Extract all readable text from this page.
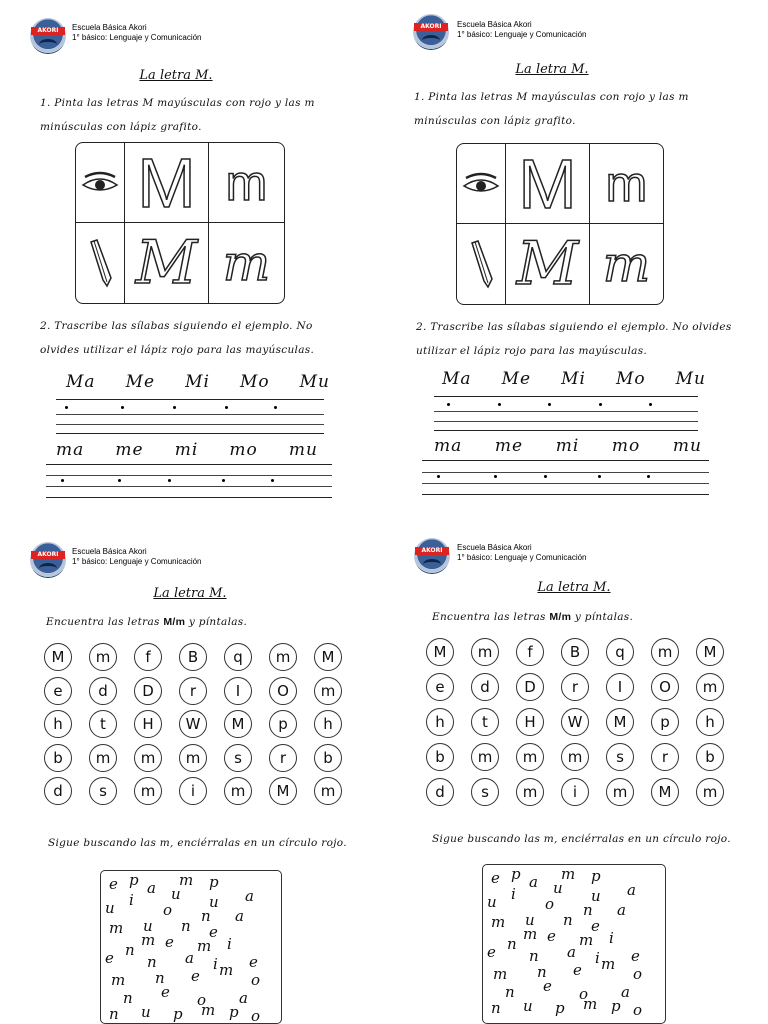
AKORI	Escuela Básica Akori
1° básico: Lenguaje y Comunicación
La letra M.
1. Pinta las letras M mayúsculas con rojo y las m minúsculas con lápiz grafito.
M m
M m
2. Trascribe las sílabas siguiendo el ejemplo. No olvides utilizar el lápiz rojo para las mayúsculas.
Ma Me Mi Mo Mu
ma me mi mo mu
AKORI	Escuela Básica Akori
1° básico: Lenguaje y Comunicación
La letra M.
1. Pinta las letras M mayúsculas con rojo y las m minúsculas con lápiz grafito.
M m
M m
2. Trascribe las sílabas siguiendo el ejemplo. No olvides utilizar el lápiz rojo para las mayúsculas.
Ma Me Mi Mo Mu
ma me mi mo mu
AKORI	Escuela Básica Akori
1° básico: Lenguaje y Comunicación
La letra M.
Encuentra las letras M/m y píntalas.
Sigue buscando las m, enciérralas en un círculo rojo.
e p a m p
u u a
u i
o n a
m u n e
m
n e m i
e n a i e
m n e m
o
n e o a
n u p m p o
M	m	f	B	q	m	M
e	d	D	r	I	O	m
h	t	H	W	M	p	h
b	m	m	m	s	r	b
d	s	m	i	m	M	m
AKORI	Escuela Básica Akori
1° básico: Lenguaje y Comunicación
La letra M.
Encuentra las letras M/m y píntalas.
Sigue buscando las m, enciérralas en un círculo rojo.
e p a m p
u u a
u i
o n a
m u n e
m
n e m i
e n a i e
m n e m
o
n e o a
n u p m p o
M	m	f	B	q	m	M
e	d	D	r	I	O	m
h	t	H	W	M	p	h
b	m	m	m	s	r	b
d	s	m	i	m	M	m
